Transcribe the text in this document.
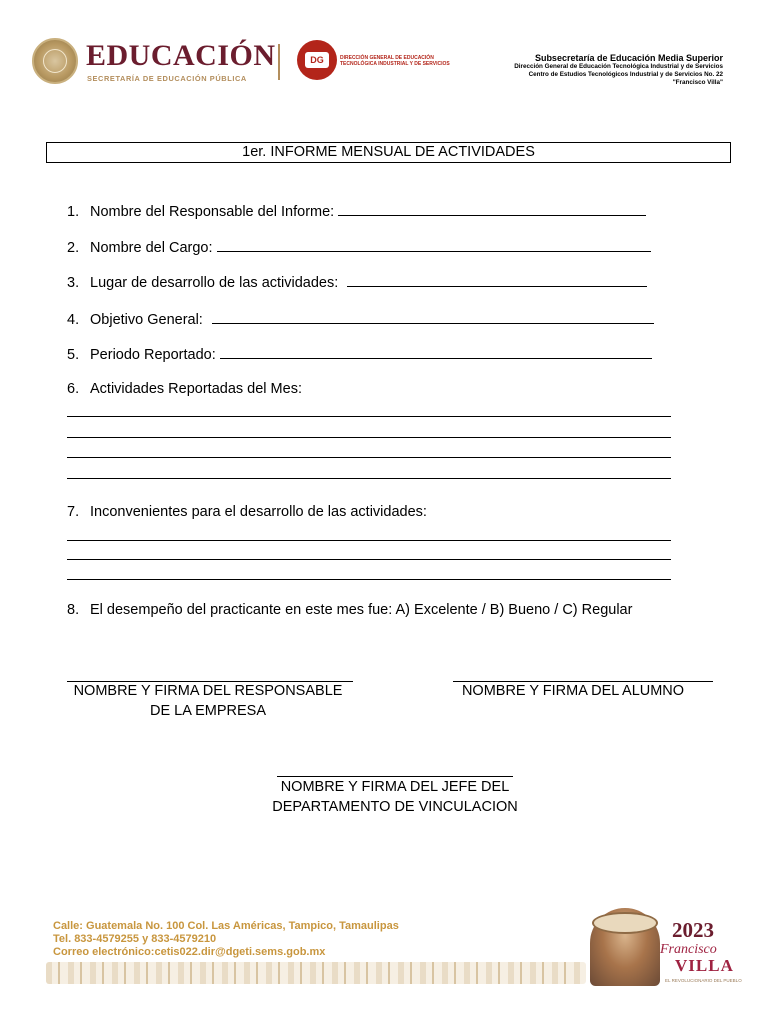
EDUCACIÓN
SECRETARÍA DE EDUCACIÓN PÚBLICA
DG ETI
DIRECCIÓN GENERAL DE EDUCACIÓN TECNOLÓGICA INDUSTRIAL Y DE SERVICIOS
Subsecretaría de Educación Media Superior
Dirección General de Educación Tecnológica Industrial y de Servicios
Centro de Estudios Tecnológicos Industrial y de Servicios No. 22
"Francisco Villa"
1er. INFORME MENSUAL DE ACTIVIDADES
1. Nombre del Responsable del Informe:
2. Nombre del Cargo:
3. Lugar de desarrollo de las actividades:
4. Objetivo General:
5. Periodo Reportado:
6. Actividades Reportadas del Mes:
7. Inconvenientes para el desarrollo de las actividades:
8. El desempeño del practicante en este mes fue: A) Excelente / B) Bueno / C) Regular
NOMBRE Y FIRMA DEL RESPONSABLE
DE LA EMPRESA
NOMBRE Y FIRMA DEL ALUMNO
NOMBRE Y FIRMA DEL JEFE DEL
DEPARTAMENTO DE VINCULACION
Calle: Guatemala No. 100 Col. Las Américas, Tampico, Tamaulipas
Tel. 833-4579255 y 833-4579210
Correo electrónico:cetis022.dir@dgeti.sems.gob.mx
2023
Francisco
VILLA
EL REVOLUCIONARIO DEL PUEBLO
